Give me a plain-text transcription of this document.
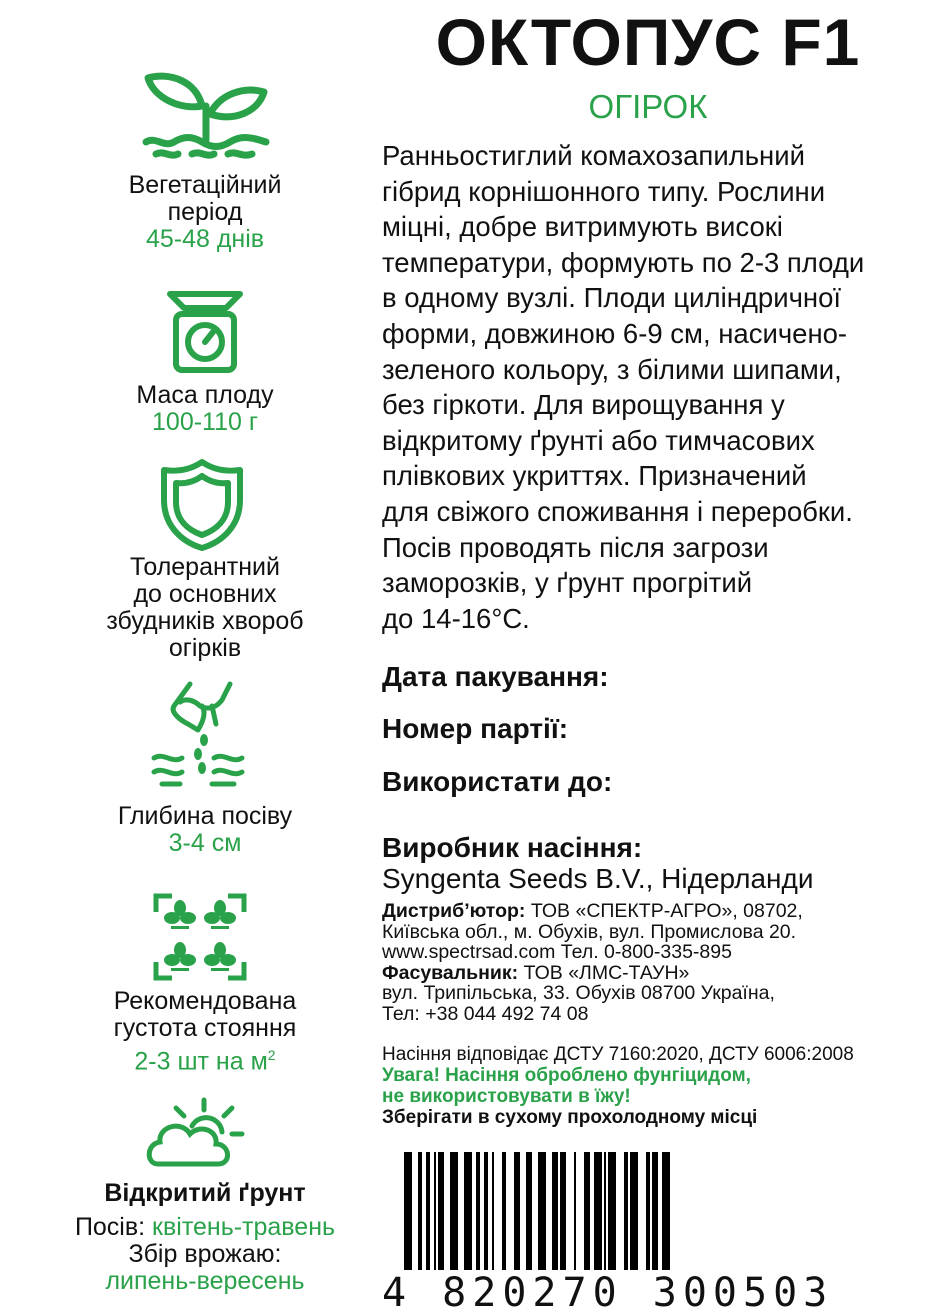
Вегетаційний
період
45-48 днів
Маса плоду
100-110 г
Толерантний
до основних
збудників хвороб
огірків
Глибина посіву
3-4 см
Рекомендована
густота стояння
2-3 шт на $м^2$
Відкритий ґрунт
Посів: квітень-травень
Збір врожаю:
липень-вересень
ОКТОПУС F1
ОГІРОК
Ранньостиглий комахозапильний
гібрид корнішонного типу. Рослини
міцні, добре витримують високі
температури, формують по 2-3 плоди
в одному вузлі. Плоди циліндричної
форми, довжиною 6-9 см, насичено-
зеленого кольору, з білими шипами,
без гіркоти. Для вирощування у
відкритому ґрунті або тимчасових
плівкових укриттях. Призначений
для свіжого споживання і переробки.
Посів проводять після загрози
заморозків, у ґрунт прогрітий
до 14-16°С.
Дата пакування:
Номер партії:
Використати до:
Виробник насіння:
Syngenta Seeds B.V., Нідерланди
Дистриб’ютор: ТОВ «СПЕКТР-АГРО», 08702,
Київська обл., м. Обухів, вул. Промислова 20.
www.spectrsad.com Тел. 0-800-335-895
Фасувальник: ТОВ «ЛМС-ТАУН»
вул. Трипільська, 33. Обухів 08700 Україна,
Тел: +38 044 492 74 08
Насіння відповідає ДСТУ 7160:2020, ДСТУ 6006:2008
Увага! Насіння оброблено фунгіцидом,
не використовувати в їжу!
Зберігати в сухому прохолодному місці
4 820270 300503
